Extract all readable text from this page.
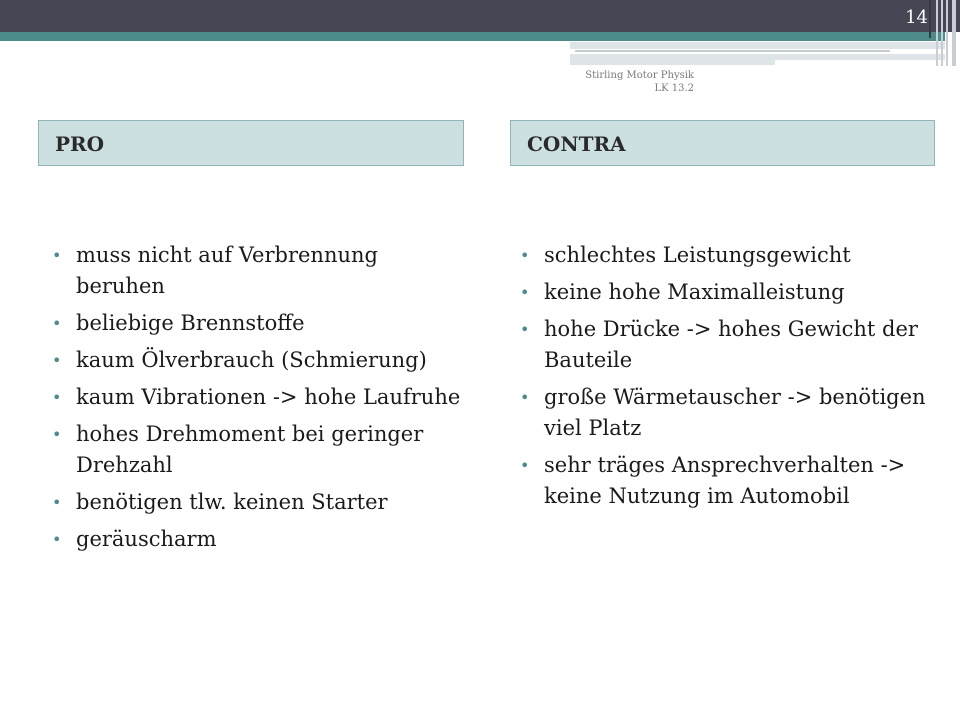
14
Stirling Motor Physik
LK 13.2
PRO	CONTRA
• muss nicht auf Verbrennung beruhen
• beliebige Brennstoffe
• kaum Ölverbrauch (Schmierung)
• kaum Vibrationen -> hohe Laufruhe
• hohes Drehmoment bei geringer Drehzahl
• benötigen tlw. keinen Starter
• geräuscharm
• schlechtes Leistungsgewicht
• keine hohe Maximalleistung
• hohe Drücke -> hohes Gewicht der Bauteile
• große Wärmetauscher -> benötigen viel Platz
• sehr träges Ansprechverhalten -> keine Nutzung im Automobil
